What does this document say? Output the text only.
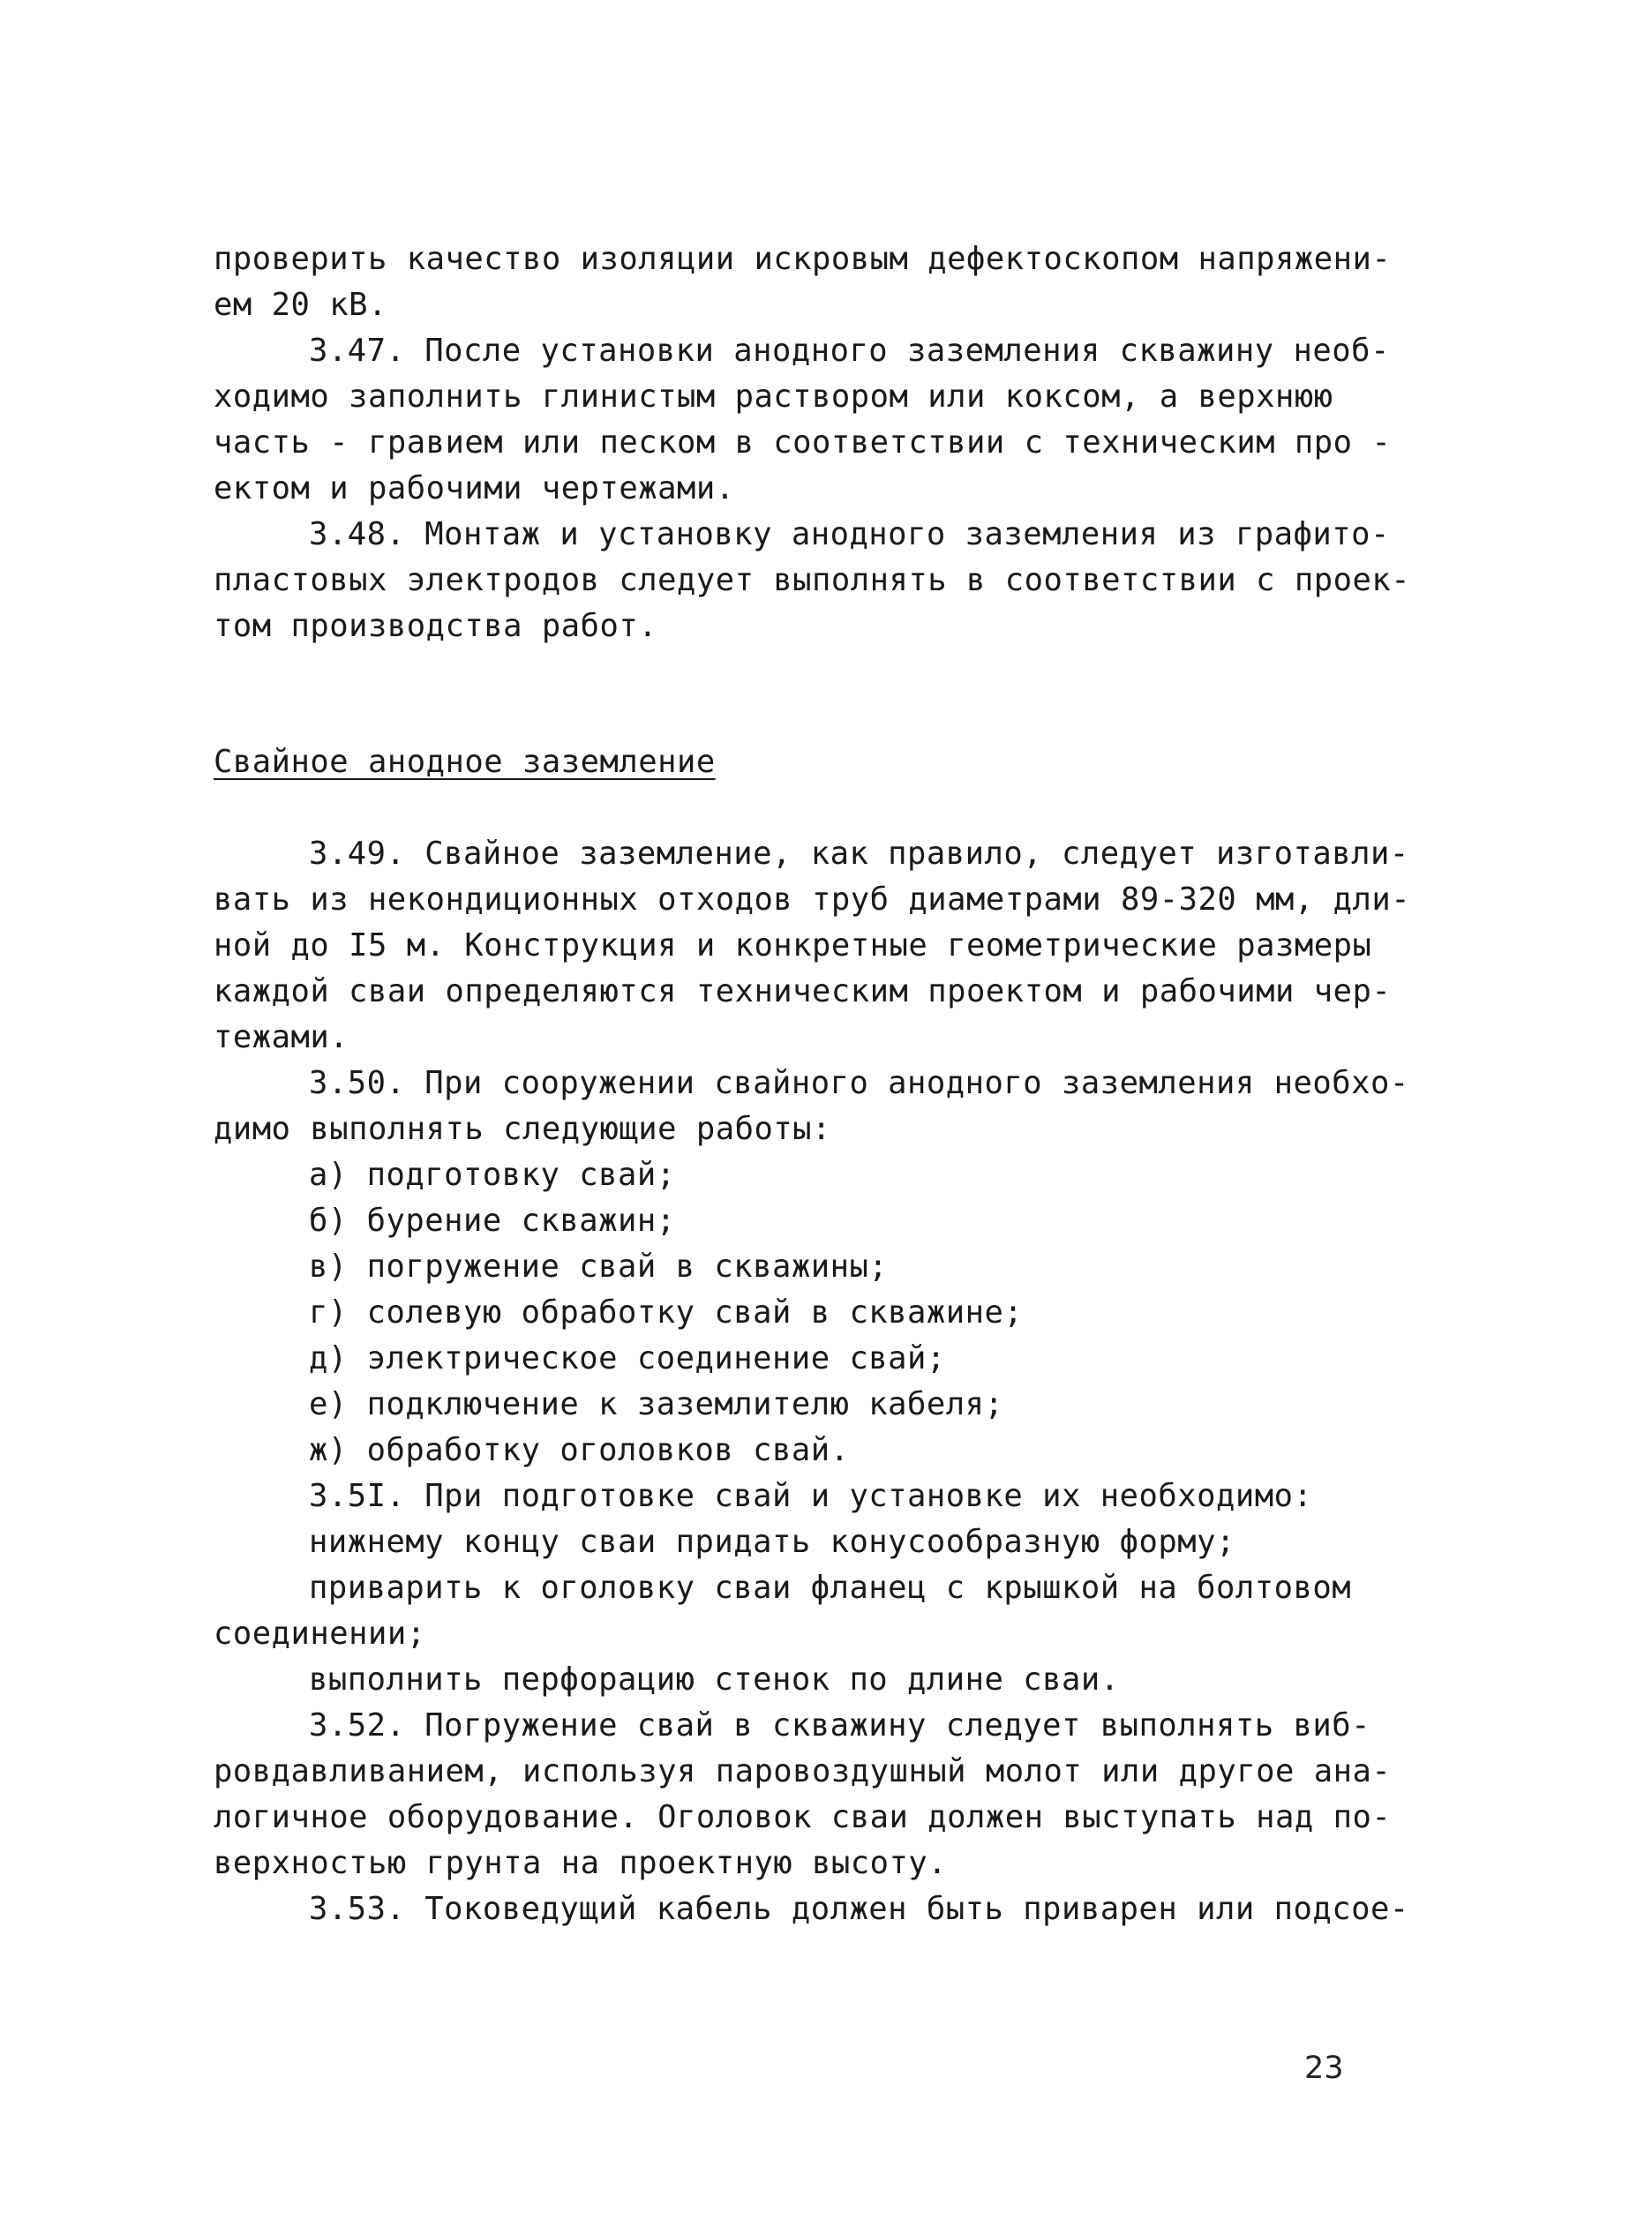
проверить качество изоляции искровым дефектоскопом напряжени-
ем 20 кВ.
3.47. После установки анодного заземления скважину необ-
ходимо заполнить глинистым раствором или коксом, а верхнюю
часть - гравием или песком в соответствии с техническим про -
ектом и рабочими чертежами.
3.48. Монтаж и установку анодного заземления из графито-
пластовых электродов следует выполнять в соответствии с проек-
том производства работ.
Свайное анодное заземление
3.49. Свайное заземление, как правило, следует изготавли-
вать из некондиционных отходов труб диаметрами 89-320 мм, дли-
ной до I5 м. Конструкция и конкретные геометрические размеры
каждой сваи определяются техническим проектом и рабочими чер-
тежами.
3.50. При сооружении свайного анодного заземления необхо-
димо выполнять следующие работы:
а) подготовку свай;
б) бурение скважин;
в) погружение свай в скважины;
г) солевую обработку свай в скважине;
д) электрическое соединение свай;
е) подключение к заземлителю кабеля;
ж) обработку оголовков свай.
3.5I. При подготовке свай и установке их необходимо:
нижнему концу сваи придать конусообразную форму;
приварить к оголовку сваи фланец с крышкой на болтовом
соединении;
выполнить перфорацию стенок по длине сваи.
3.52. Погружение свай в скважину следует выполнять виб-
ровдавливанием, используя паровоздушный молот или другое ана-
логичное оборудование. Оголовок сваи должен выступать над по-
верхностью грунта на проектную высоту.
3.53. Токоведущий кабель должен быть приварен или подсое-
23
